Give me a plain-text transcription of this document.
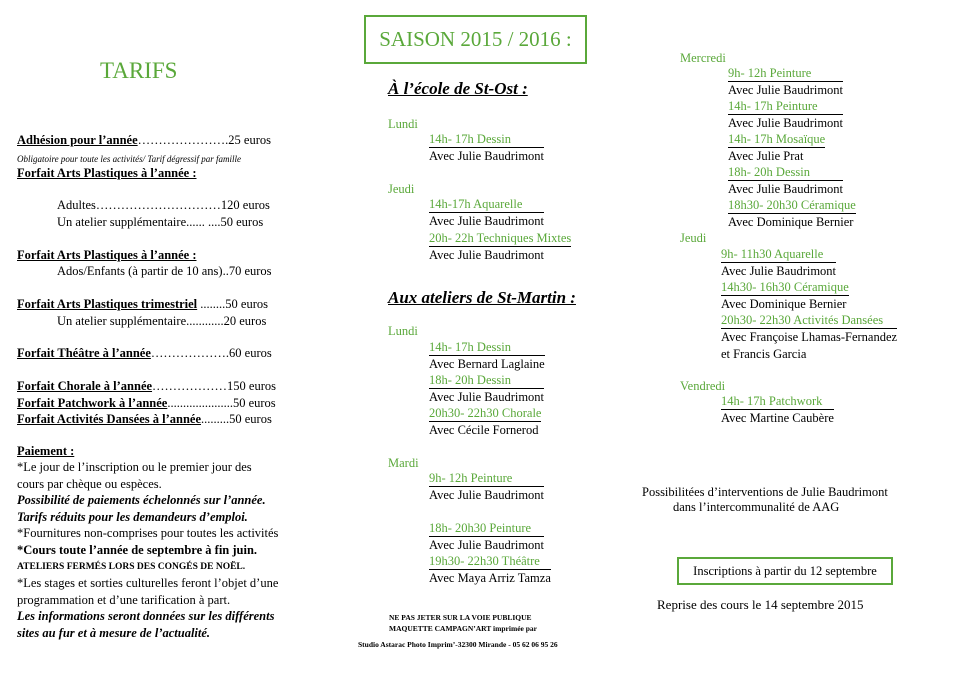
TARIFS
Adhésion pour l’année………………….25 euros
Obligatoire pour toute les activités/ Tarif dégressif par famille
Forfait Arts Plastiques à l’année :
Adultes…………………………120 euros
Un atelier supplémentaire...... ....50 euros
Forfait Arts Plastiques à l’année :
Ados/Enfants (à partir de 10 ans)..70 euros
Forfait Arts Plastiques trimestriel ........50 euros
Un atelier supplémentaire............20 euros
Forfait Théâtre à l’année……………….60 euros
Forfait Chorale à l’année………………150 euros
Forfait Patchwork à l’année.....................50 euros
Forfait Activités Dansées à l’année.........50 euros
Paiement :
*Le jour de l’inscription ou le premier jour des
cours par chèque ou espèces.
Possibilité de paiements échelonnés sur l’année.
Tarifs réduits pour les demandeurs d’emploi.
*Fournitures non-comprises pour toutes les activités
*Cours toute l’année de septembre à fin juin.
ATELIERS FERMÉS LORS DES CONGÉS DE NOËL.
*Les stages et sorties culturelles feront l’objet d’une
programmation et d’une tarification à part.
Les informations seront données sur les différents
sites au fur et à mesure de l’actualité.
SAISON 2015 / 2016 :
À l’école de St-Ost :
Lundi
14h- 17h Dessin
Avec Julie Baudrimont
Jeudi
14h-17h Aquarelle
Avec Julie Baudrimont
20h- 22h Techniques Mixtes
Avec Julie Baudrimont
Aux ateliers de St-Martin :
Lundi
14h- 17h Dessin
Avec Bernard Laglaine
18h- 20h Dessin
Avec Julie Baudrimont
20h30- 22h30 Chorale
Avec Cécile Fornerod
Mardi
9h- 12h Peinture
Avec Julie Baudrimont
18h- 20h30 Peinture
Avec Julie Baudrimont
19h30- 22h30 Théâtre
Avec Maya Arriz Tamza
NE PAS JETER SUR LA VOIE PUBLIQUE
MAQUETTE CAMPAGN’ART imprimée par
Studio Astarac Photo Imprim’-32300 Mirande - 05 62 06 95 26
Mercredi
9h- 12h Peinture
Avec Julie Baudrimont
14h- 17h Peinture
Avec Julie Baudrimont
14h- 17h Mosaïque
Avec Julie Prat
18h- 20h Dessin
Avec Julie Baudrimont
18h30- 20h30 Céramique
Avec Dominique Bernier
Jeudi
9h- 11h30 Aquarelle
Avec Julie Baudrimont
14h30- 16h30 Céramique
Avec Dominique Bernier
20h30- 22h30 Activités Dansées
Avec Françoise Lhamas-Fernandez
et Francis Garcia
Vendredi
14h- 17h Patchwork
Avec Martine Caubère
Possibilitées d’interventions de Julie Baudrimont
dans l’intercommunalité de AAG
Inscriptions à partir du 12 septembre
Reprise des cours le 14 septembre 2015
